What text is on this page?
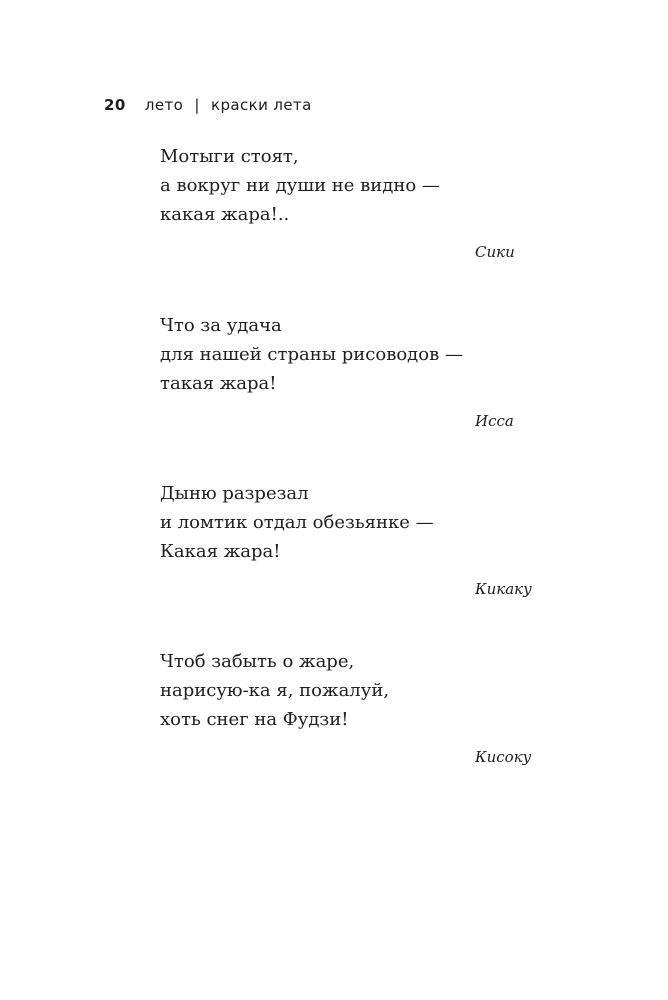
20 лето | краски лета

Мотыги стоят,
а вокруг ни души не видно —
какая жара!..

Сики

Что за удача
для нашей страны рисоводов —
такая жара!

Исса

Дыню разрезал
и ломтик отдал обезьянке —
Какая жара!

Кикаку

Чтоб забыть о жаре,
нарисую-ка я, пожалуй,
хоть снег на Фудзи!

Кисоку
